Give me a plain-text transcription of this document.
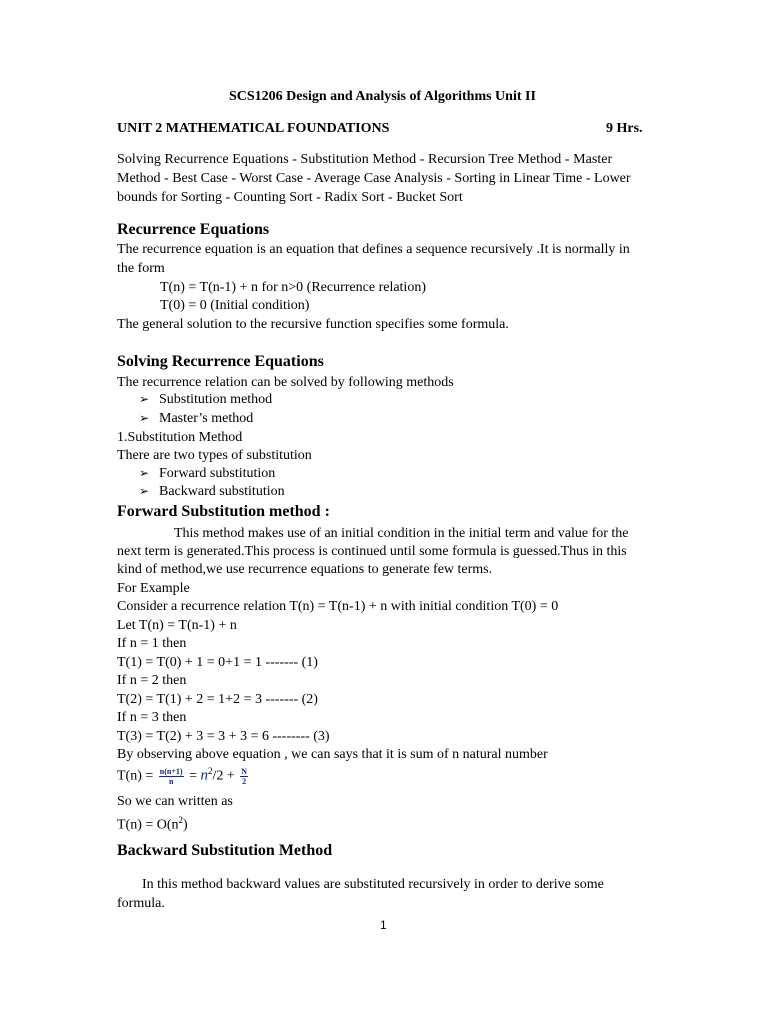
SCS1206 Design and Analysis of Algorithms Unit II
UNIT 2 MATHEMATICAL FOUNDATIONS	9 Hrs.
Solving Recurrence Equations - Substitution Method - Recursion Tree Method - Master
Method - Best Case - Worst Case - Average Case Analysis - Sorting in Linear Time - Lower
bounds for Sorting - Counting Sort - Radix Sort - Bucket Sort
Recurrence Equations
The recurrence equation is an equation that defines a sequence recursively .It is normally in
the form
T(n) = T(n-1) + n for n>0 (Recurrence relation)
T(0) = 0 (Initial condition)
The general solution to the recursive function specifies some formula.
Solving Recurrence Equations
The recurrence relation can be solved by following methods
➢ Substitution method
➢ Master’s method
1.Substitution Method
There are two types of substitution
➢ Forward substitution
➢ Backward substitution
Forward Substitution method :
This method makes use of an initial condition in the initial term and value for the
next term is generated.This process is continued until some formula is guessed.Thus in this
kind of method,we use recurrence equations to generate few terms.
For Example
Consider a recurrence relation T(n) = T(n-1) + n with initial condition T(0) = 0
Let T(n) = T(n-1) + n
If n = 1 then
T(1) = T(0) + 1 = 0+1 = 1 ------- (1)
If n = 2 then
T(2) = T(1) + 2 = 1+2 = 3 ------- (2)
If n = 3 then
T(3) = T(2) + 3 = 3 + 3 = 6 -------- (3)
By observing above equation , we can says that it is sum of n natural number
$T(n) = \frac{n(n+1)}{n} = n^2/2 + \frac{N}{2}$
So we can written as
$T(n) = O(n^2)$
Backward Substitution Method
In this method backward values are substituted recursively in order to derive some
formula.
1
